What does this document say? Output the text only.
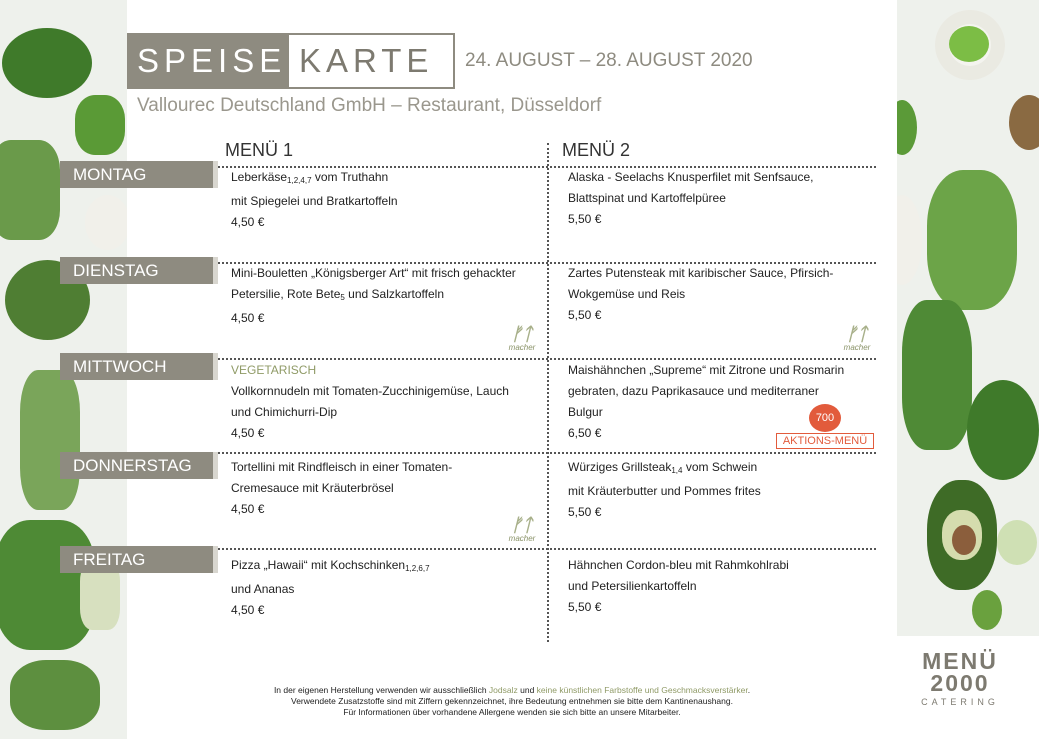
SPEISE KARTE	24. AUGUST – 28. AUGUST 2020
Vallourec Deutschland GmbH – Restaurant, Düsseldorf
MENÜ 1	MENÜ 2
MONTAG
DIENSTAG
MITTWOCH
DONNERSTAG
FREITAG
Leberkäse$_{1,2,4,7}$ vom Truthahn
mit Spiegelei und Bratkartoffeln
4,50 €
Alaska - Seelachs Knusperfilet mit Senfsauce,
Blattspinat und Kartoffelpüree
5,50 €
Mini-Bouletten „Königsberger Art“ mit frisch gehackter
Petersilie, Rote Bete$_5$ und Salzkartoffeln
4,50 €
Zartes Putensteak mit karibischer Sauce, Pfirsich-
Wokgemüse und Reis
5,50 €
VEGETARISCH
Vollkornnudeln mit Tomaten-Zucchinigemüse, Lauch
und Chimichurri-Dip
4,50 €
Maishähnchen „Supreme“ mit Zitrone und Rosmarin
gebraten, dazu Paprikasauce und mediterraner
Bulgur
6,50 €
Tortellini mit Rindfleisch in einer Tomaten-
Cremesauce mit Kräuterbrösel
4,50 €
Würziges Grillsteak$_{1,4}$ vom Schwein
mit Kräuterbutter und Pommes frites
5,50 €
Pizza „Hawaii“ mit Kochschinken$_{1,2,6,7}$
und Ananas
4,50 €
Hähnchen Cordon-bleu mit Rahmkohlrabi
und Petersilienkartoffeln
5,50 €
ᚠᛏ
macher
ᚠᛏ
macher
ᚠᛏ
macher
700
AKTIONS-MENÜ
In der eigenen Herstellung verwenden wir ausschließlich Jodsalz und keine künstlichen Farbstoffe und Geschmacksverstärker.
Verwendete Zusatzstoffe sind mit Ziffern gekennzeichnet, ihre Bedeutung entnehmen sie bitte dem Kantinenaushang.
Für Informationen über vorhandene Allergene wenden sie sich bitte an unsere Mitarbeiter.
MENÜ
2000
CATERING
